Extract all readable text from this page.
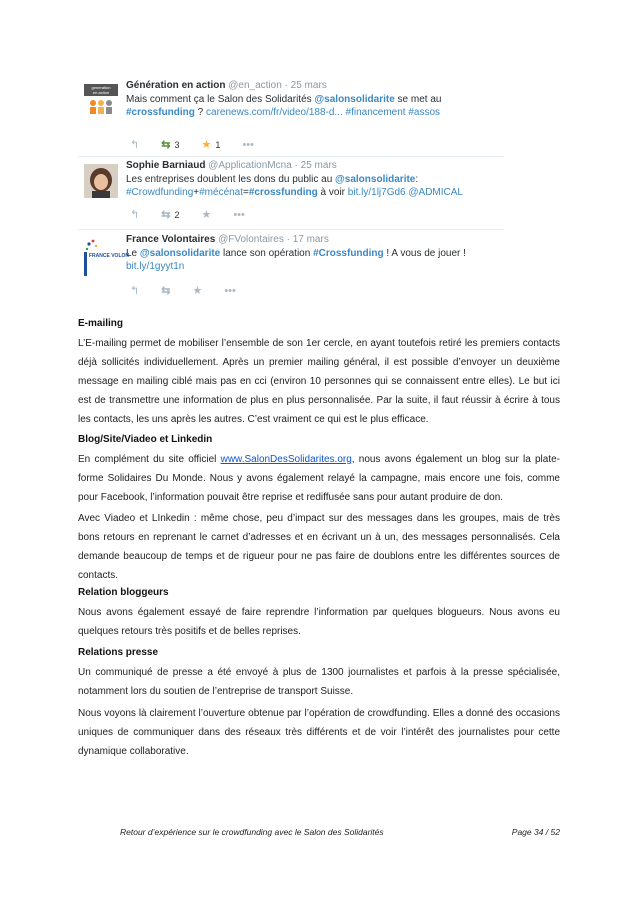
generation
en action
Génération en action @en_action · 25 mars
Mais comment ça le Salon des Solidarités @salonsolidarite se met au
#crossfunding ? carenews.com/fr/video/188-d... #financement #assos
↰ ⇆ 3 ★ 1 •••
Sophie Barniaud @ApplicationMcna · 25 mars
Les entreprises doublent les dons du public au @salonsolidarite:
#Crowdfunding+#mécénat=#crossfunding à voir bit.ly/1lj7Gd6 @ADMICAL
↰ ⇆ 2 ★ •••
FRANCE VOLON
France Volontaires @FVolontaires · 17 mars
Le @salonsolidarite lance son opération #Crossfunding ! A vous de jouer !
bit.ly/1gyyt1n
↰ ⇆ ★ •••
E-mailing
L’E-mailing permet de mobiliser l’ensemble de son 1er cercle, en ayant toutefois retiré les premiers contacts déjà sollicités individuellement. Après un premier mailing général, il est possible d’envoyer un deuxième message en mailing ciblé mais pas en cci (environ 10 personnes qui se connaissent entre elles). Le but ici est de transmettre une information de plus en plus personnalisée. Par la suite, il faut réussir à écrire à tous les contacts, les uns après les autres. C’est vraiment ce qui est le plus efficace.
Blog/Site/Viadeo et Linkedin
En complément du site officiel www.SalonDesSolidarites.org, nous avons également un blog sur la plate-forme Solidaires Du Monde. Nous y avons également relayé la campagne, mais encore une fois, comme pour Facebook, l’information pouvait être reprise et rediffusée sans pour autant produire de don.
Avec Viadeo et LInkedin : même chose, peu d’impact sur des messages dans les groupes, mais de très bons retours en reprenant le carnet d’adresses et en écrivant un à un, des messages personnalisés. Cela demande beaucoup de temps et de rigueur pour ne pas faire de doublons entre les différentes sources de contacts.
Relation bloggeurs
Nous avons également essayé de faire reprendre l’information par quelques blogueurs. Nous avons eu quelques retours très positifs et de belles reprises.
Relations presse
Un communiqué de presse a été envoyé à plus de 1300 journalistes et parfois à la presse spécialisée, notamment lors du soutien de l’entreprise de transport Suisse.
Nous voyons là clairement l’ouverture obtenue par l’opération de crowdfunding. Elles a donné des occasions uniques de communiquer dans des réseaux très différents et de voir l’intérêt des journalistes pour cette dynamique collaborative.
Retour d’expérience sur le crowdfunding avec le Salon des Solidarités	Page 34 / 52
